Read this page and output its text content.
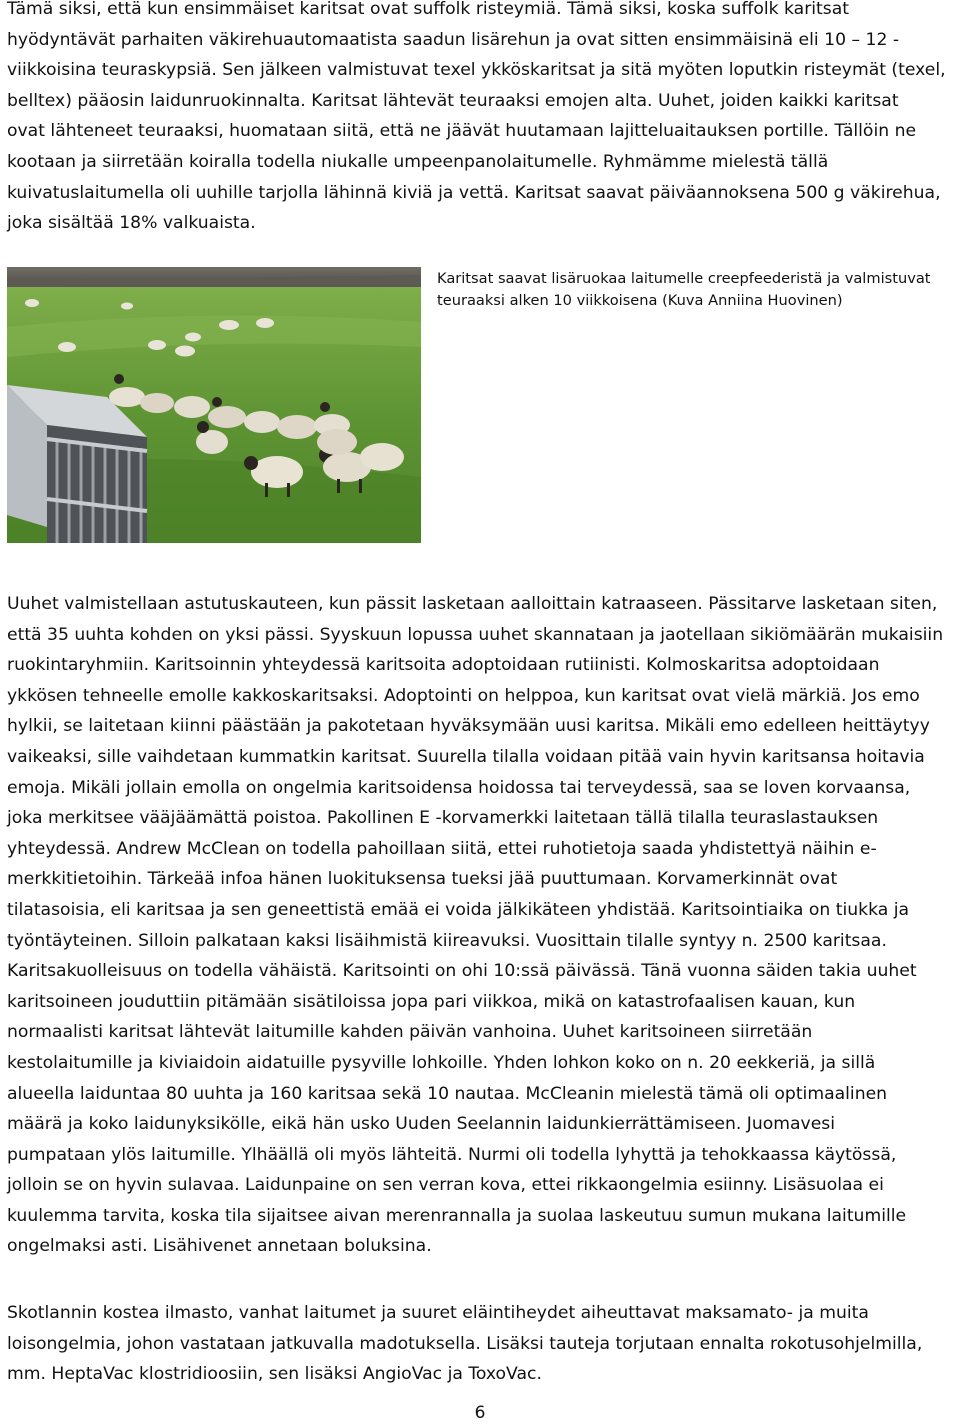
Tämä siksi, että kun ensimmäiset karitsat ovat suffolk risteymiä. Tämä siksi, koska suffolk karitsat
hyödyntävät parhaiten väkirehuautomaatista saadun lisärehun ja ovat sitten ensimmäisinä eli 10 – 12 -
viikkoisina teuraskypsiä. Sen jälkeen valmistuvat texel ykköskaritsat ja sitä myöten loputkin risteymät (texel,
belltex) pääosin laidunruokinnalta. Karitsat lähtevät teuraaksi emojen alta. Uuhet, joiden kaikki karitsat
ovat lähteneet teuraaksi, huomataan siitä, että ne jäävät huutamaan lajitteluaitauksen portille. Tällöin ne
kootaan ja siirretään koiralla todella niukalle umpeenpanolaitumelle. Ryhmämme mielestä tällä
kuivatuslaitumella oli uuhille tarjolla lähinnä kiviä ja vettä. Karitsat saavat päiväannoksena 500 g väkirehua,
joka sisältää 18% valkuaista.
Karitsat saavat lisäruokaa laitumelle creepfeederistä ja valmistuvat
teuraaksi alken 10 viikkoisena (Kuva Anniina Huovinen)
Uuhet valmistellaan astutuskauteen, kun pässit lasketaan aalloittain katraaseen. Pässitarve lasketaan siten,
että 35 uuhta kohden on yksi pässi. Syyskuun lopussa uuhet skannataan ja jaotellaan sikiömäärän mukaisiin
ruokintaryhmiin. Karitsoinnin yhteydessä karitsoita adoptoidaan rutiinisti. Kolmoskaritsa adoptoidaan
ykkösen tehneelle emolle kakkoskaritsaksi. Adoptointi on helppoa, kun karitsat ovat vielä märkiä. Jos emo
hylkii, se laitetaan kiinni päästään ja pakotetaan hyväksymään uusi karitsa. Mikäli emo edelleen heittäytyy
vaikeaksi, sille vaihdetaan kummatkin karitsat. Suurella tilalla voidaan pitää vain hyvin karitsansa hoitavia
emoja. Mikäli jollain emolla on ongelmia karitsoidensa hoidossa tai terveydessä, saa se loven korvaansa,
joka merkitsee vääjäämättä poistoa. Pakollinen E -korvamerkki laitetaan tällä tilalla teuraslastauksen
yhteydessä. Andrew McClean on todella pahoillaan siitä, ettei ruhotietoja saada yhdistettyä näihin e-
merkkitietoihin. Tärkeää infoa hänen luokituksensa tueksi jää puuttumaan. Korvamerkinnät ovat
tilatasoisia, eli karitsaa ja sen geneettistä emää ei voida jälkikäteen yhdistää. Karitsointiaika on tiukka ja
työntäyteinen. Silloin palkataan kaksi lisäihmistä kiireavuksi. Vuosittain tilalle syntyy n. 2500 karitsaa.
Karitsakuolleisuus on todella vähäistä. Karitsointi on ohi 10:ssä päivässä. Tänä vuonna säiden takia uuhet
karitsoineen jouduttiin pitämään sisätiloissa jopa pari viikkoa, mikä on katastrofaalisen kauan, kun
normaalisti karitsat lähtevät laitumille kahden päivän vanhoina. Uuhet karitsoineen siirretään
kestolaitumille ja kiviaidoin aidatuille pysyville lohkoille. Yhden lohkon koko on n. 20 eekkeriä, ja sillä
alueella laiduntaa 80 uuhta ja 160 karitsaa sekä 10 nautaa. McCleanin mielestä tämä oli optimaalinen
määrä ja koko laidunyksikölle, eikä hän usko Uuden Seelannin laidunkierrättämiseen. Juomavesi
pumpataan ylös laitumille. Ylhäällä oli myös lähteitä. Nurmi oli todella lyhyttä ja tehokkaassa käytössä,
jolloin se on hyvin sulavaa. Laidunpaine on sen verran kova, ettei rikkaongelmia esiinny. Lisäsuolaa ei
kuulemma tarvita, koska tila sijaitsee aivan merenrannalla ja suolaa laskeutuu sumun mukana laitumille
ongelmaksi asti. Lisähivenet annetaan boluksina.
Skotlannin kostea ilmasto, vanhat laitumet ja suuret eläintiheydet aiheuttavat maksamato- ja muita
loisongelmia, johon vastataan jatkuvalla madotuksella. Lisäksi tauteja torjutaan ennalta rokotusohjelmilla,
mm. HeptaVac klostridioosiin, sen lisäksi AngioVac ja ToxoVac.
6
